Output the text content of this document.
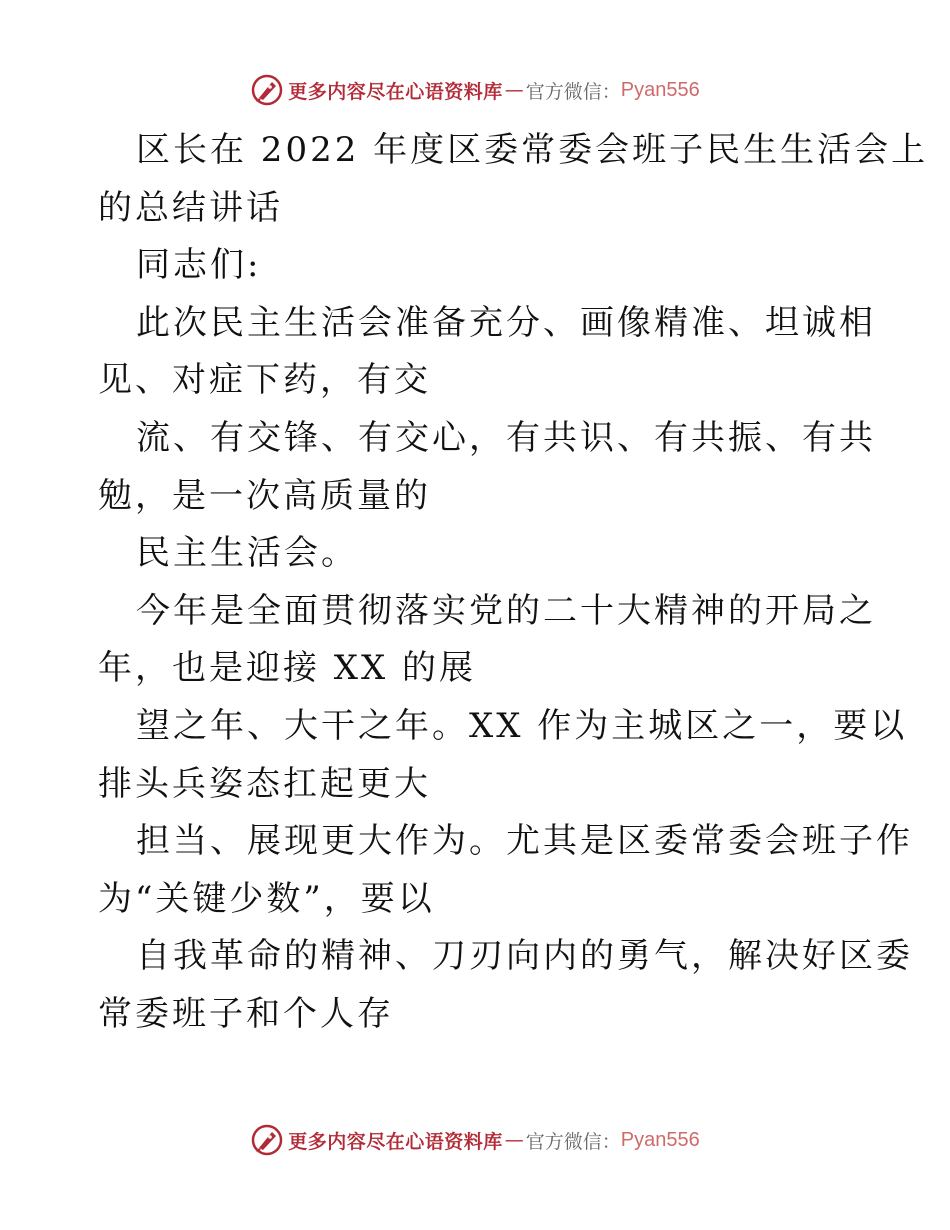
更多内容尽在心语资料库 — 官方微信： Pyan556
区长在 2022 年度区委常委会班子民生生活会上
的总结讲话
同志们:
此次民主生活会准备充分、画像精准、坦诚相
见、对症下药，有交
流、有交锋、有交心，有共识、有共振、有共
勉，是一次高质量的
民主生活会。
今年是全面贯彻落实党的二十大精神的开局之
年，也是迎接 XX 的展
望之年、大干之年。XX 作为主城区之一，要以
排头兵姿态扛起更大
担当、展现更大作为。尤其是区委常委会班子作
为“关键少数”，要以
自我革命的精神、刀刃向内的勇气，解决好区委
常委班子和个人存
更多内容尽在心语资料库 — 官方微信： Pyan556
